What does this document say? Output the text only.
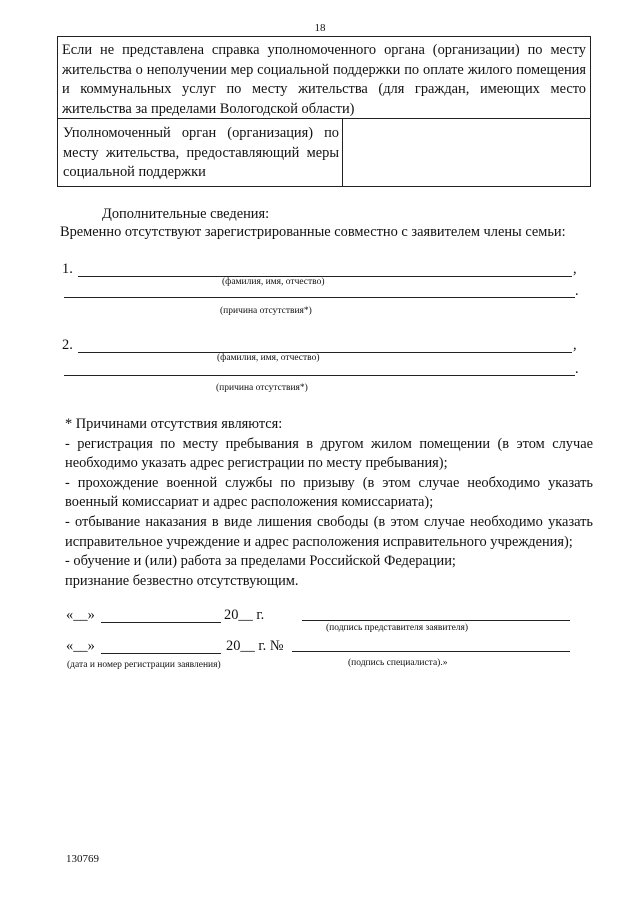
18
Если не представлена справка уполномоченного органа (организации) по месту жительства о неполучении мер социальной поддержки по оплате жилого помещения и коммунальных услуг по месту жительства (для граждан, имеющих место жительства за пределами Вологодской области)
Уполномоченный орган (организация) по месту жительства, предоставляющий меры социальной поддержки
Дополнительные сведения:
Временно отсутствуют зарегистрированные совместно с заявителем члены семьи:
1.	,
(фамилия, имя, отчество)
.
(причина отсутствия*)
2.	,
(фамилия, имя, отчество)
.
(причина отсутствия*)

* Причинами отсутствия являются:

- регистрация по месту пребывания в другом жилом помещении (в этом случае необходимо указать адрес регистрации по месту пребывания);

- прохождение военной службы по призыву (в этом случае необходимо указать военный комиссариат и адрес расположения комиссариата);

- отбывание наказания в виде лишения свободы (в этом случае необходимо указать исправительное учреждение и адрес расположения исправительного учреждения);

- обучение и (или) работа за пределами Российской Федерации;

признание безвестно отсутствующим.

«__»	20__ г.
(подпись представителя заявителя)
«__»	20__ г. №
(дата и номер регистрации заявления)	(подпись специалиста).»
130769
